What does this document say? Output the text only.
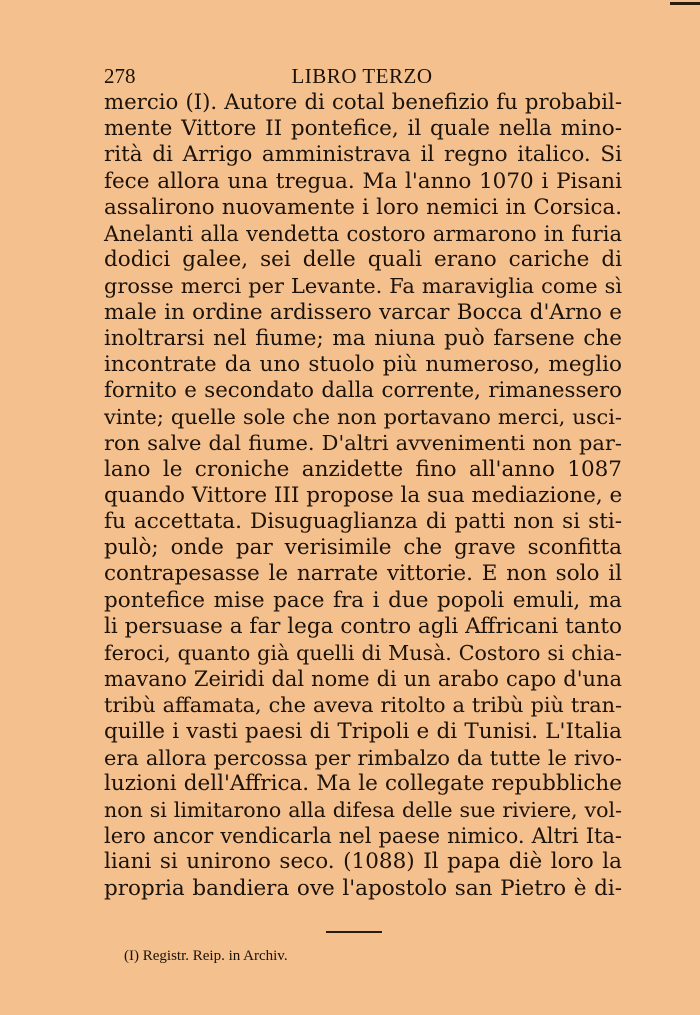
278	LIBRO TERZO
mercio (I). Autore di cotal benefizio fu probabil-
mente Vittore II pontefice, il quale nella mino-
rità di Arrigo amministrava il regno italico. Si
fece allora una tregua. Ma l'anno 1070 i Pisani
assalirono nuovamente i loro nemici in Corsica.
Anelanti alla vendetta costoro armarono in furia
dodici galee, sei delle quali erano cariche di
grosse merci per Levante. Fa maraviglia come sì
male in ordine ardissero varcar Bocca d'Arno e
inoltrarsi nel fiume; ma niuna può farsene che
incontrate da uno stuolo più numeroso, meglio
fornito e secondato dalla corrente, rimanessero
vinte; quelle sole che non portavano merci, usci-
ron salve dal fiume. D'altri avvenimenti non par-
lano le croniche anzidette fino all'anno 1087
quando Vittore III propose la sua mediazione, e
fu accettata. Disuguaglianza di patti non si sti-
pulò; onde par verisimile che grave sconfitta
contrapesasse le narrate vittorie. E non solo il
pontefice mise pace fra i due popoli emuli, ma
li persuase a far lega contro agli Affricani tanto
feroci, quanto già quelli di Musà. Costoro si chia-
mavano Zeiridi dal nome di un arabo capo d'una
tribù affamata, che aveva ritolto a tribù più tran-
quille i vasti paesi di Tripoli e di Tunisi. L'Italia
era allora percossa per rimbalzo da tutte le rivo-
luzioni dell'Affrica. Ma le collegate repubbliche
non si limitarono alla difesa delle sue riviere, vol-
lero ancor vendicarla nel paese nimico. Altri Ita-
liani si unirono seco. (1088) Il papa diè loro la
propria bandiera ove l'apostolo san Pietro è di-
(I) Registr. Reip. in Archiv.
